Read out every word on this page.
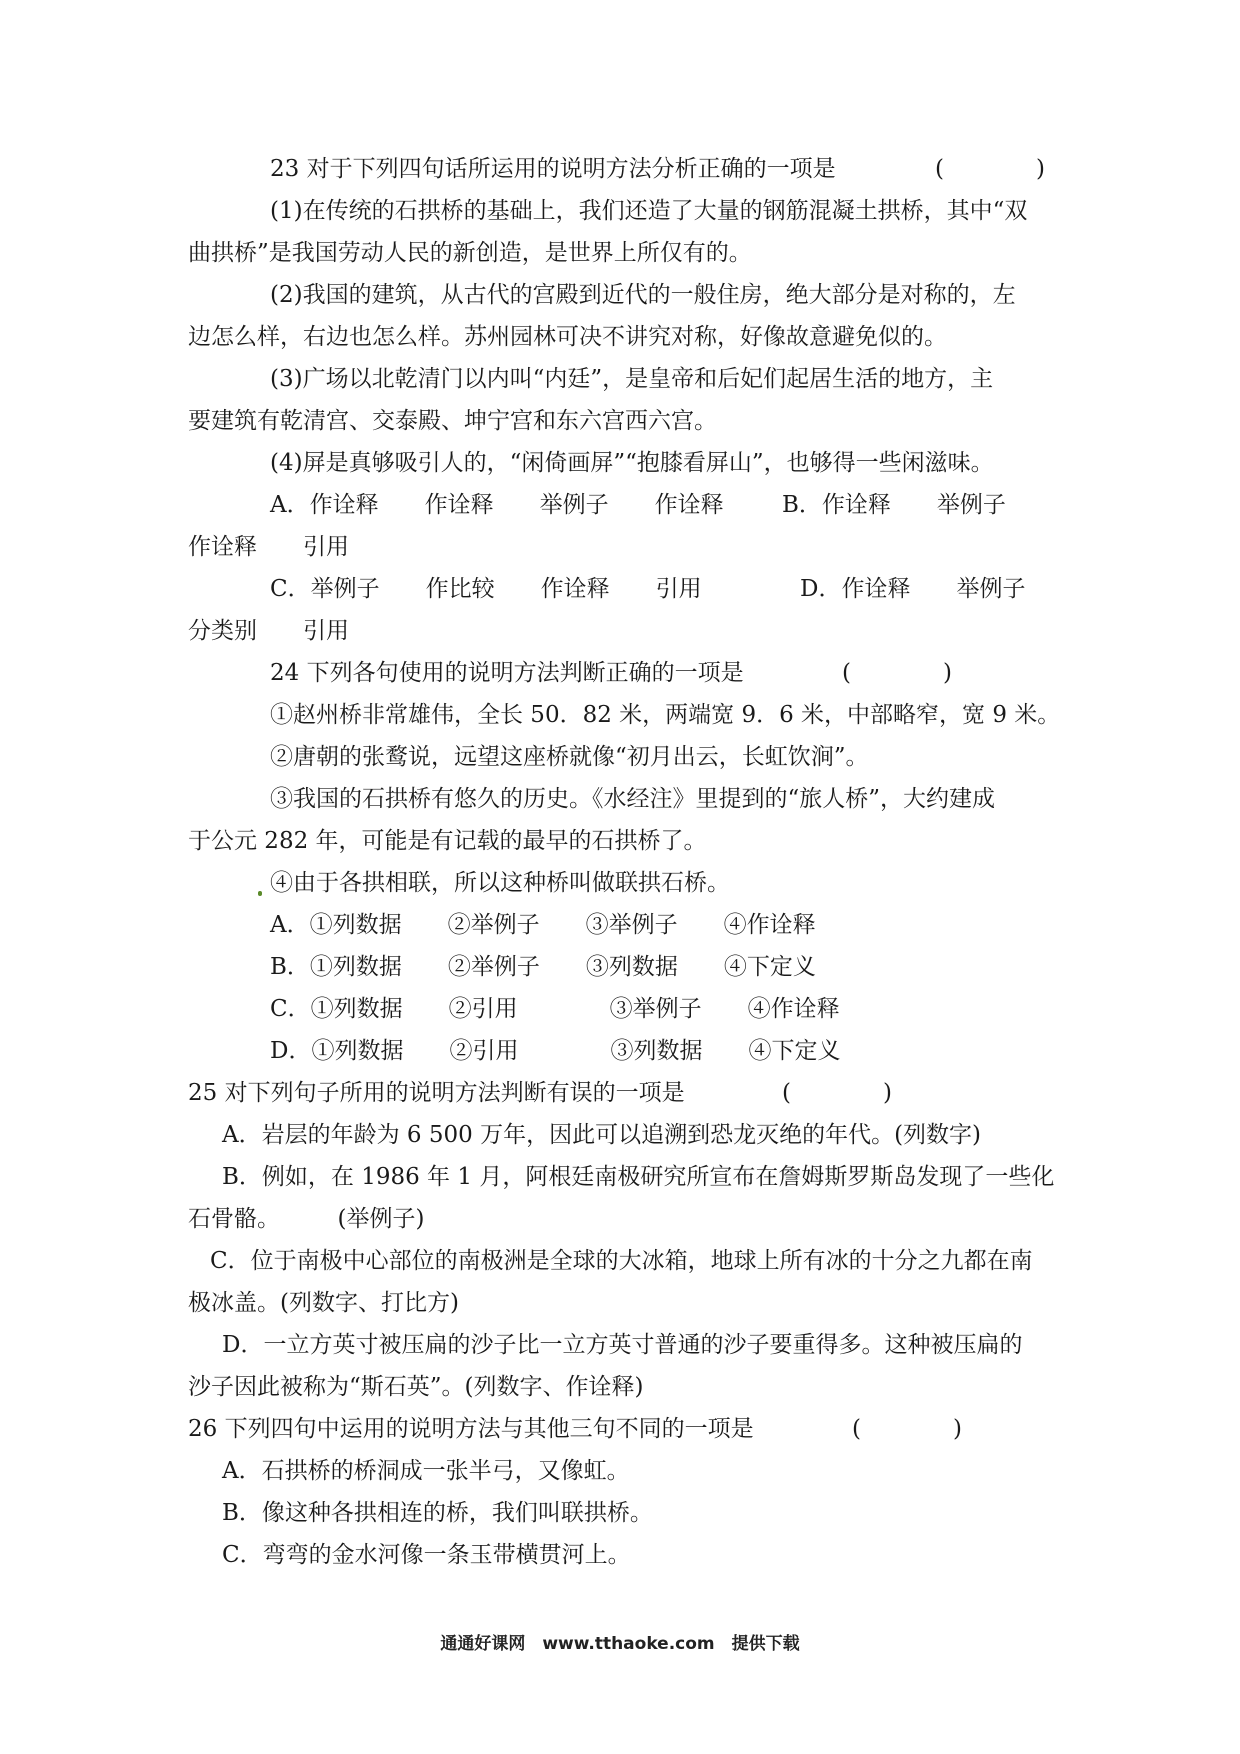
23 对于下列四句话所运用的说明方法分析正确的一项是	(　　　　)
(1)在传统的石拱桥的基础上，我们还造了大量的钢筋混凝土拱桥，其中“双
曲拱桥”是我国劳动人民的新创造，是世界上所仅有的。
(2)我国的建筑，从古代的宫殿到近代的一般住房，绝大部分是对称的，左
边怎么样，右边也怎么样。苏州园林可决不讲究对称，好像故意避免似的。
(3)广场以北乾清门以内叫“内廷”，是皇帝和后妃们起居生活的地方，主
要建筑有乾清宫、交泰殿、坤宁宫和东六宫西六宫。
(4)屏是真够吸引人的，“闲倚画屏”“抱膝看屏山”，也够得一些闲滋味。
A．作诠释　　作诠释　　举例子　　作诠释	B．作诠释　　举例子
作诠释　　引用
C．举例子　　作比较　　作诠释　　引用	D．作诠释　　举例子
分类别　　引用
24 下列各句使用的说明方法判断正确的一项是	(　　　　)
①赵州桥非常雄伟，全长 50．82 米，两端宽 9．6 米，中部略窄，宽 9 米。
②唐朝的张鹜说，远望这座桥就像“初月出云，长虹饮涧”。
③我国的石拱桥有悠久的历史。《水经注》里提到的“旅人桥”，大约建成
于公元 282 年，可能是有记载的最早的石拱桥了。
④由于各拱相联，所以这种桥叫做联拱石桥。
A．①列数据　　②举例子　　③举例子　　④作诠释
B．①列数据　　②举例子　　③列数据　　④下定义
C．①列数据　　②引用　　　　③举例子　　④作诠释
D．①列数据　　②引用　　　　③列数据　　④下定义
25 对下列句子所用的说明方法判断有误的一项是	(　　　　)
A．岩层的年龄为 6 500 万年，因此可以追溯到恐龙灭绝的年代。(列数字)
B．例如，在 1986 年 1 月，阿根廷南极研究所宣布在詹姆斯罗斯岛发现了一些化
石骨骼。　　　(举例子)
C．位于南极中心部位的南极洲是全球的大冰箱，地球上所有冰的十分之九都在南
极冰盖。(列数字、打比方)
D．一立方英寸被压扁的沙子比一立方英寸普通的沙子要重得多。这种被压扁的
沙子因此被称为“斯石英”。(列数字、作诠释)
26 下列四句中运用的说明方法与其他三句不同的一项是	(　　　　)
A．石拱桥的桥洞成一张半弓，又像虹。
B．像这种各拱相连的桥，我们叫联拱桥。
C．弯弯的金水河像一条玉带横贯河上。
通通好课网　www.tthaoke.com　提供下载
